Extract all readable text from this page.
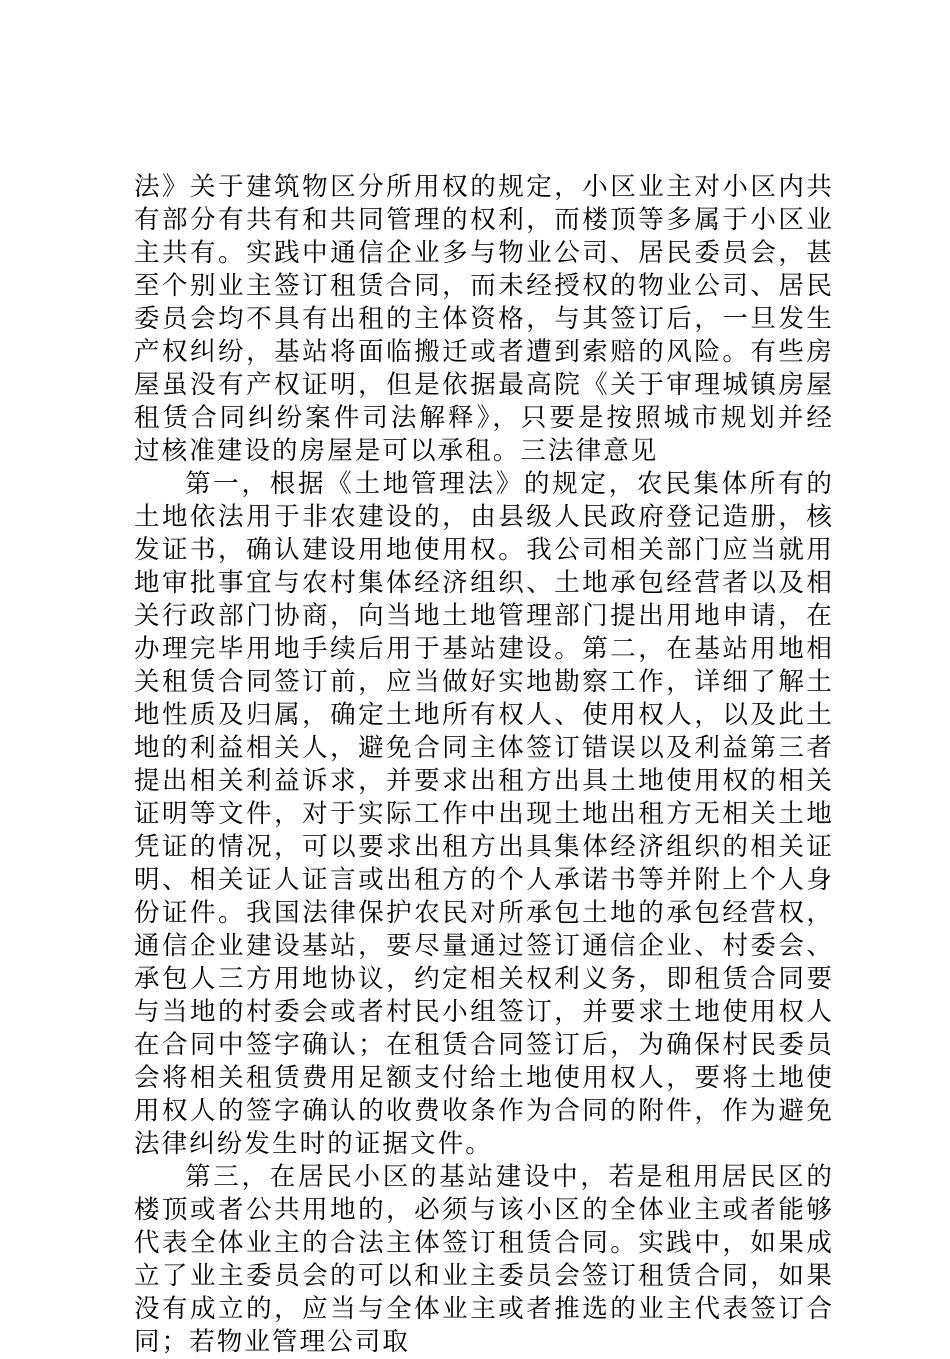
法》关于建筑物区分所用权的规定，小区业主对小区内共有部分有共有和共同管理的权利，而楼顶等多属于小区业主共有。实践中通信企业多与物业公司、居民委员会，甚至个别业主签订租赁合同，而未经授权的物业公司、居民委员会均不具有出租的主体资格，与其签订后，一旦发生产权纠纷，基站将面临搬迁或者遭到索赔的风险。有些房屋虽没有产权证明，但是依据最高院《关于审理城镇房屋租赁合同纠纷案件司法解释》，只要是按照城市规划并经过核准建设的房屋是可以承租。三法律意见

第一，根据《土地管理法》的规定，农民集体所有的土地依法用于非农建设的，由县级人民政府登记造册，核发证书，确认建设用地使用权。我公司相关部门应当就用地审批事宜与农村集体经济组织、土地承包经营者以及相关行政部门协商，向当地土地管理部门提出用地申请，在办理完毕用地手续后用于基站建设。第二，在基站用地相关租赁合同签订前，应当做好实地勘察工作，详细了解土地性质及归属，确定土地所有权人、使用权人，以及此土地的利益相关人，避免合同主体签订错误以及利益第三者提出相关利益诉求，并要求出租方出具土地使用权的相关证明等文件，对于实际工作中出现土地出租方无相关土地凭证的情况，可以要求出租方出具集体经济组织的相关证明、相关证人证言或出租方的个人承诺书等并附上个人身份证件。我国法律保护农民对所承包土地的承包经营权，通信企业建设基站，要尽量通过签订通信企业、村委会、承包人三方用地协议，约定相关权利义务，即租赁合同要与当地的村委会或者村民小组签订，并要求土地使用权人在合同中签字确认；在租赁合同签订后，为确保村民委员会将相关租赁费用足额支付给土地使用权人，要将土地使用权人的签字确认的收费收条作为合同的附件，作为避免法律纠纷发生时的证据文件。

第三，在居民小区的基站建设中，若是租用居民区的楼顶或者公共用地的，必须与该小区的全体业主或者能够代表全体业主的合法主体签订租赁合同。实践中，如果成立了业主委员会的可以和业主委员会签订租赁合同，如果没有成立的，应当与全体业主或者推选的业主代表签订合同；若物业管理公司取
